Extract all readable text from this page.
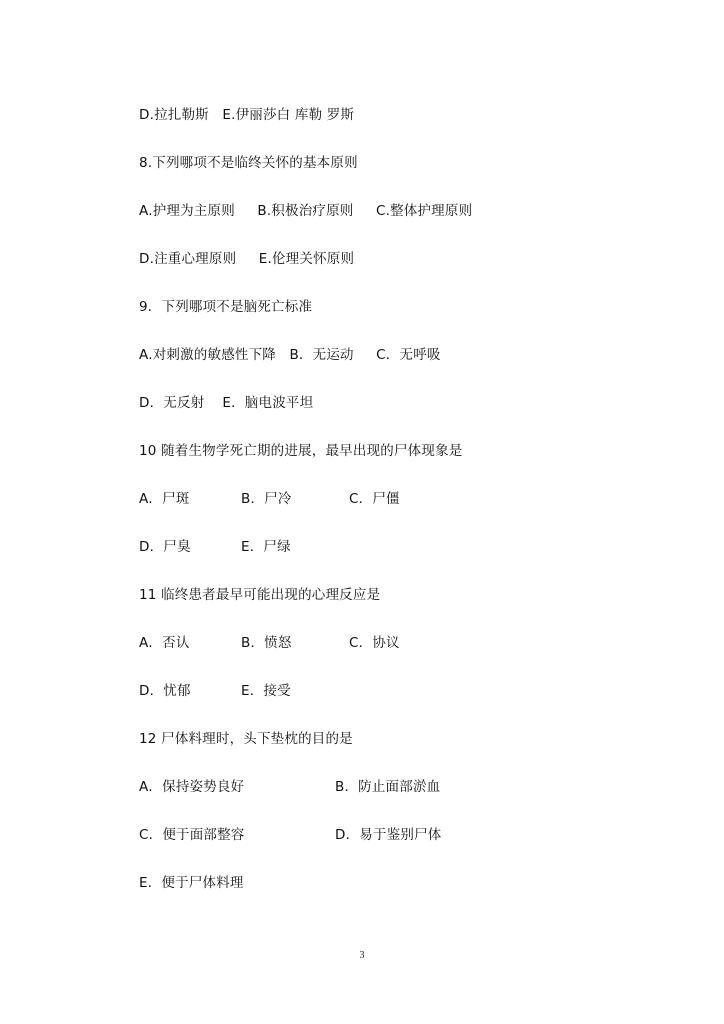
D.拉扎勒斯   E.伊丽莎白 库勒 罗斯
8.下列哪项不是临终关怀的基本原则
A.护理为主原则     B.积极治疗原则     C.整体护理原则
D.注重心理原则     E.伦理关怀原则
9．下列哪项不是脑死亡标准
A.对刺激的敏感性下降   B．无运动     C．无呼吸
D．无反射    E．脑电波平坦
10 随着生物学死亡期的进展，最早出现的尸体现象是

A．尸斑

	B．尸冷

	C．尸僵

D．尸臭

	E．尸绿

11 临终患者最早可能出现的心理反应是

A．否认

	B．愤怒

	C．协议

D．忧郁

	E．接受

12 尸体料理时，头下垫枕的目的是

A．保持姿势良好

	B．防止面部淤血

C．便于面部整容

	D．易于鉴别尸体

E．便于尸体料理
3
